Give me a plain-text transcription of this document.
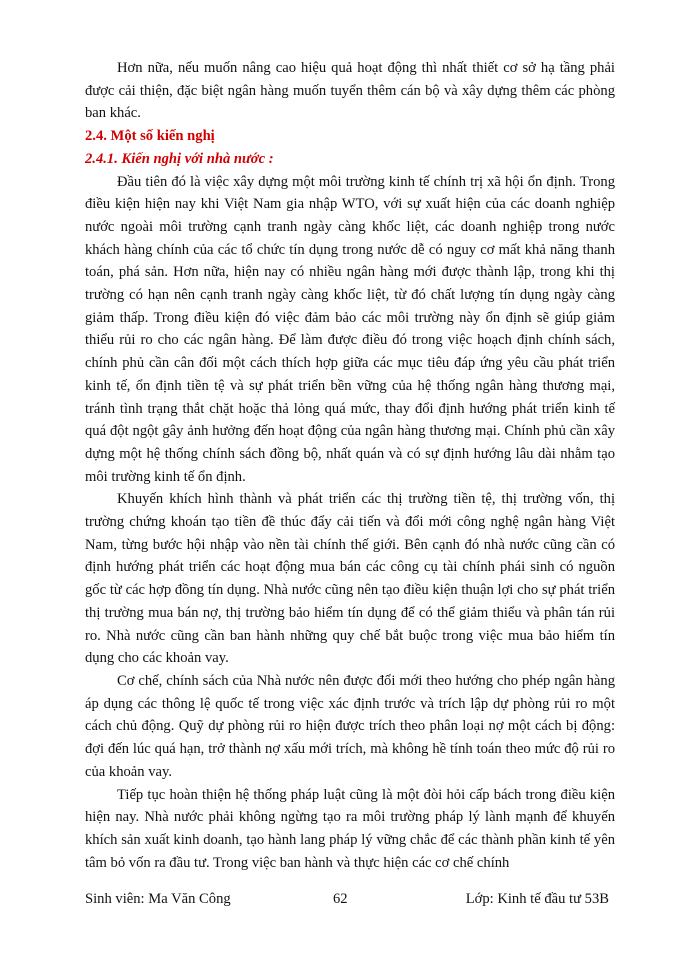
Hơn nữa, nếu muốn nâng cao hiệu quả hoạt động thì nhất thiết cơ sở hạ tầng phải được cải thiện, đặc biệt ngân hàng muốn tuyển thêm cán bộ và xây dựng thêm các phòng ban khác.

2.4. Một số kiến nghị
2.4.1. Kiến nghị với nhà nước :

Đầu tiên đó là việc xây dựng một môi trường kinh tế chính trị xã hội ổn định. Trong điều kiện hiện nay khi Việt Nam gia nhập WTO, với sự xuất hiện của các doanh nghiệp nước ngoài môi trường cạnh tranh ngày càng khốc liệt, các doanh nghiệp trong nước khách hàng chính của các tổ chức tín dụng trong nước dễ có nguy cơ mất khả năng thanh toán, phá sản. Hơn nữa, hiện nay có nhiều ngân hàng mới được thành lập, trong khi thị trường có hạn nên cạnh tranh ngày càng khốc liệt, từ đó chất lượng tín dụng ngày càng giảm thấp. Trong điều kiện đó việc đảm bảo các môi trường này ổn định sẽ giúp giảm thiểu rủi ro cho các ngân hàng. Để làm được điều đó trong việc hoạch định chính sách, chính phủ cần cân đối một cách thích hợp giữa các mục tiêu đáp ứng yêu cầu phát triển kinh tế, ổn định tiền tệ và sự phát triển bền vững của hệ thống ngân hàng thương mại, tránh tình trạng thắt chặt hoặc thả lỏng quá mức, thay đổi định hướng phát triển kinh tế quá đột ngột gây ảnh hưởng đến hoạt động của ngân hàng thương mại. Chính phủ cần xây dựng một hệ thống chính sách đồng bộ, nhất quán và có sự định hướng lâu dài nhằm tạo môi trường kinh tế ổn định.

Khuyến khích hình thành và phát triển các thị trường tiền tệ, thị trường vốn, thị trường chứng khoán tạo tiền đề thúc đẩy cải tiến và đổi mới công nghệ ngân hàng Việt Nam, từng bước hội nhập vào nền tài chính thế giới. Bên cạnh đó nhà nước cũng cần có định hướng phát triển các hoạt động mua bán các công cụ tài chính phái sinh có nguồn gốc từ các hợp đồng tín dụng. Nhà nước cũng nên tạo điều kiện thuận lợi cho sự phát triển thị trường mua bán nợ, thị trường bảo hiểm tín dụng để có thể giảm thiểu và phân tán rủi ro. Nhà nước cũng cần ban hành những quy chế bắt buộc trong việc mua bảo hiểm tín dụng cho các khoản vay.

Cơ chế, chính sách của Nhà nước nên được đổi mới theo hướng cho phép ngân hàng áp dụng các thông lệ quốc tế trong việc xác định trước và trích lập dự phòng rủi ro một cách chủ động. Quỹ dự phòng rủi ro hiện được trích theo phân loại nợ một cách bị động: đợi đến lúc quá hạn, trở thành nợ xấu mới trích, mà không hề tính toán theo mức độ rủi ro của khoản vay.

Tiếp tục hoàn thiện hệ thống pháp luật cũng là một đòi hỏi cấp bách trong điều kiện hiện nay. Nhà nước phải không ngừng tạo ra môi trường pháp lý lành mạnh để khuyến khích sản xuất kinh doanh, tạo hành lang pháp lý vững chắc để các thành phần kinh tế yên tâm bỏ vốn ra đầu tư. Trong việc ban hành và thực hiện các cơ chế chính

Sinh viên: Ma Văn Công	62	Lớp: Kinh tế đầu tư 53B
